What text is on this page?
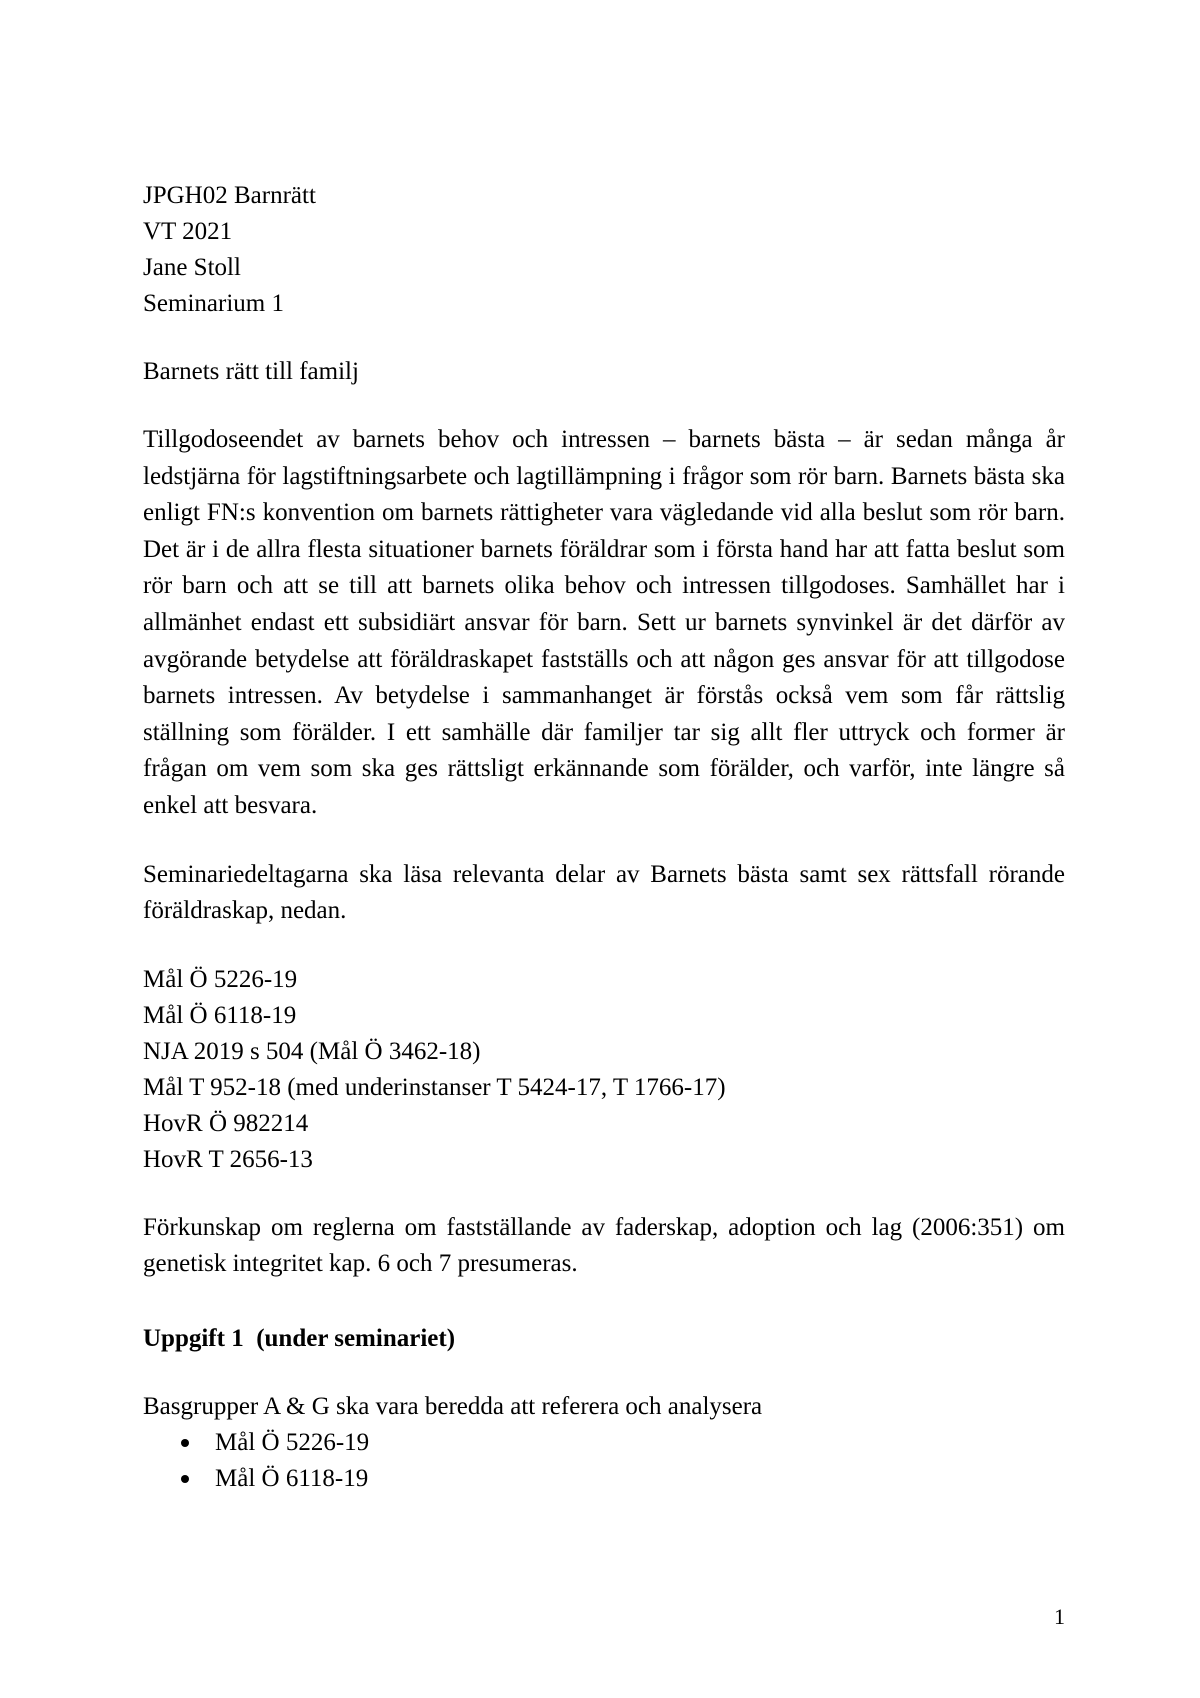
JPGH02 Barnrätt
VT 2021
Jane Stoll
Seminarium 1
Barnets rätt till familj

Tillgodoseendet av barnets behov och intressen – barnets bästa – är sedan många år ledstjärna för lagstiftningsarbete och lagtillämpning i frågor som rör barn. Barnets bästa ska enligt FN:s konvention om barnets rättigheter vara vägledande vid alla beslut som rör barn. Det är i de allra flesta situationer barnets föräldrar som i första hand har att fatta beslut som rör barn och att se till att barnets olika behov och intressen tillgodoses. Samhället har i allmänhet endast ett subsidiärt ansvar för barn. Sett ur barnets synvinkel är det därför av avgörande betydelse att föräldraskapet fastställs och att någon ges ansvar för att tillgodose barnets intressen. Av betydelse i sammanhanget är förstås också vem som får rättslig ställning som förälder. I ett samhälle där familjer tar sig allt fler uttryck och former är frågan om vem som ska ges rättsligt erkännande som förälder, och varför, inte längre så enkel att besvara.

Seminariedeltagarna ska läsa relevanta delar av Barnets bästa samt sex rättsfall rörande föräldraskap, nedan.

Mål Ö 5226-19
Mål Ö 6118-19
NJA 2019 s 504 (Mål Ö 3462-18)
Mål T 952-18 (med underinstanser T 5424-17, T 1766-17)
HovR Ö 982214
HovR T 2656-13

Förkunskap om reglerna om fastställande av faderskap, adoption och lag (2006:351) om genetisk integritet kap. 6 och 7 presumeras.

Uppgift 1  (under seminariet)
Basgrupper A & G ska vara beredda att referera och analysera
Mål Ö 5226-19
Mål Ö 6118-19
1
